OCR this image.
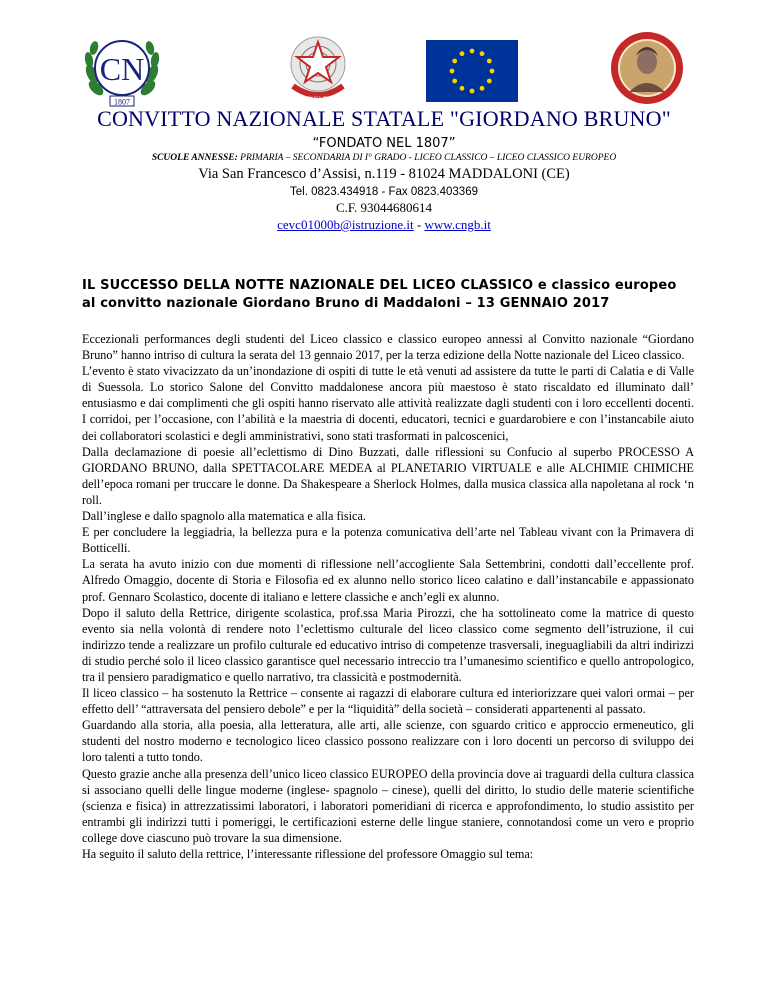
CN
1807	REPUBBLICA ITALIANA
CONVITTO NAZIONALE STATALE "GIORDANO BRUNO"
“FONDATO NEL 1807”
SCUOLE ANNESSE: PRIMARIA – SECONDARIA DI I° GRADO - LICEO CLASSICO – LICEO CLASSICO EUROPEO
Via San Francesco d’Assisi, n.119 - 81024 MADDALONI (CE)
Tel. 0823.434918 - Fax 0823.403369
C.F. 93044680614
cevc01000b@istruzione.it - www.cngb.it
IL SUCCESSO DELLA NOTTE NAZIONALE DEL LICEO CLASSICO e classico europeo al convitto nazionale Giordano Bruno di Maddaloni – 13 GENNAIO 2017

Eccezionali performances degli studenti del Liceo classico e classico europeo annessi al Convitto nazionale “Giordano Bruno” hanno intriso di cultura la serata del 13 gennaio 2017, per la terza edizione della Notte nazionale del Liceo classico.

L’evento è stato vivacizzato da un’inondazione di ospiti di tutte le età venuti ad assistere da tutte le parti di Calatia e di Valle di Suessola. Lo storico Salone del Convitto maddalonese ancora più maestoso è stato riscaldato ed illuminato dall’ entusiasmo e dai complimenti che gli ospiti hanno riservato alle attività realizzate dagli studenti con i loro eccellenti docenti. I corridoi, per l’occasione, con l’abilità e la maestria di docenti, educatori, tecnici e guardarobiere e con l’instancabile aiuto dei collaboratori scolastici e degli amministrativi, sono stati trasformati in palcoscenici,

Dalla declamazione di poesie all’eclettismo di Dino Buzzati, dalle riflessioni su Confucio al superbo PROCESSO A GIORDANO BRUNO, dalla SPETTACOLARE MEDEA al PLANETARIO VIRTUALE e alle ALCHIMIE CHIMICHE dell’epoca romani per truccare le donne. Da Shakespeare a Sherlock Holmes, dalla musica classica alla napoletana al rock ‘n roll.

Dall’inglese e dallo spagnolo alla matematica e alla fisica.

E per concludere la leggiadria, la bellezza pura e la potenza comunicativa dell’arte nel Tableau vivant con la Primavera di Botticelli.

La serata ha avuto inizio con due momenti di riflessione nell’accogliente Sala Settembrini, condotti dall’eccellente prof. Alfredo Omaggio, docente di Storia e Filosofia ed ex alunno nello storico liceo calatino e dall’instancabile e appassionato prof. Gennaro Scolastico, docente di italiano e lettere classiche e anch’egli ex alunno.

Dopo il saluto della Rettrice, dirigente scolastica, prof.ssa Maria Pirozzi, che ha sottolineato come la matrice di questo evento sia nella volontà di rendere noto l’eclettismo culturale del liceo classico come segmento dell’istruzione, il cui indirizzo tende a realizzare un profilo culturale ed educativo intriso di competenze trasversali, ineguagliabili da altri indirizzi di studio perché solo il liceo classico garantisce quel necessario intreccio tra l’umanesimo scientifico e quello antropologico, tra il pensiero paradigmatico e quello narrativo, tra classicità e postmodernità.

Il liceo classico – ha sostenuto la Rettrice – consente ai ragazzi di elaborare cultura ed interiorizzare quei valori ormai – per effetto dell’ “attraversata del pensiero debole” e per la “liquidità” della società – considerati appartenenti al passato.

Guardando alla storia, alla poesia, alla letteratura, alle arti, alle scienze, con sguardo critico e approccio ermeneutico, gli studenti del nostro moderno e tecnologico liceo classico possono realizzare con i loro docenti un percorso di sviluppo dei loro talenti a tutto tondo.

Questo grazie anche alla presenza dell’unico liceo classico EUROPEO della provincia dove ai traguardi della cultura classica si associano quelli delle lingue moderne (inglese- spagnolo – cinese), quelli del diritto, lo studio delle materie scientifiche (scienza e fisica) in attrezzatissimi laboratori, i laboratori pomeridiani di ricerca e approfondimento, lo studio assistito per entrambi gli indirizzi tutti i pomeriggi, le certificazioni esterne delle lingue staniere, connotandosi come un vero e proprio college dove ciascuno può trovare la sua dimensione.

Ha seguito il saluto della rettrice, l’interessante riflessione del professore Omaggio sul tema:
